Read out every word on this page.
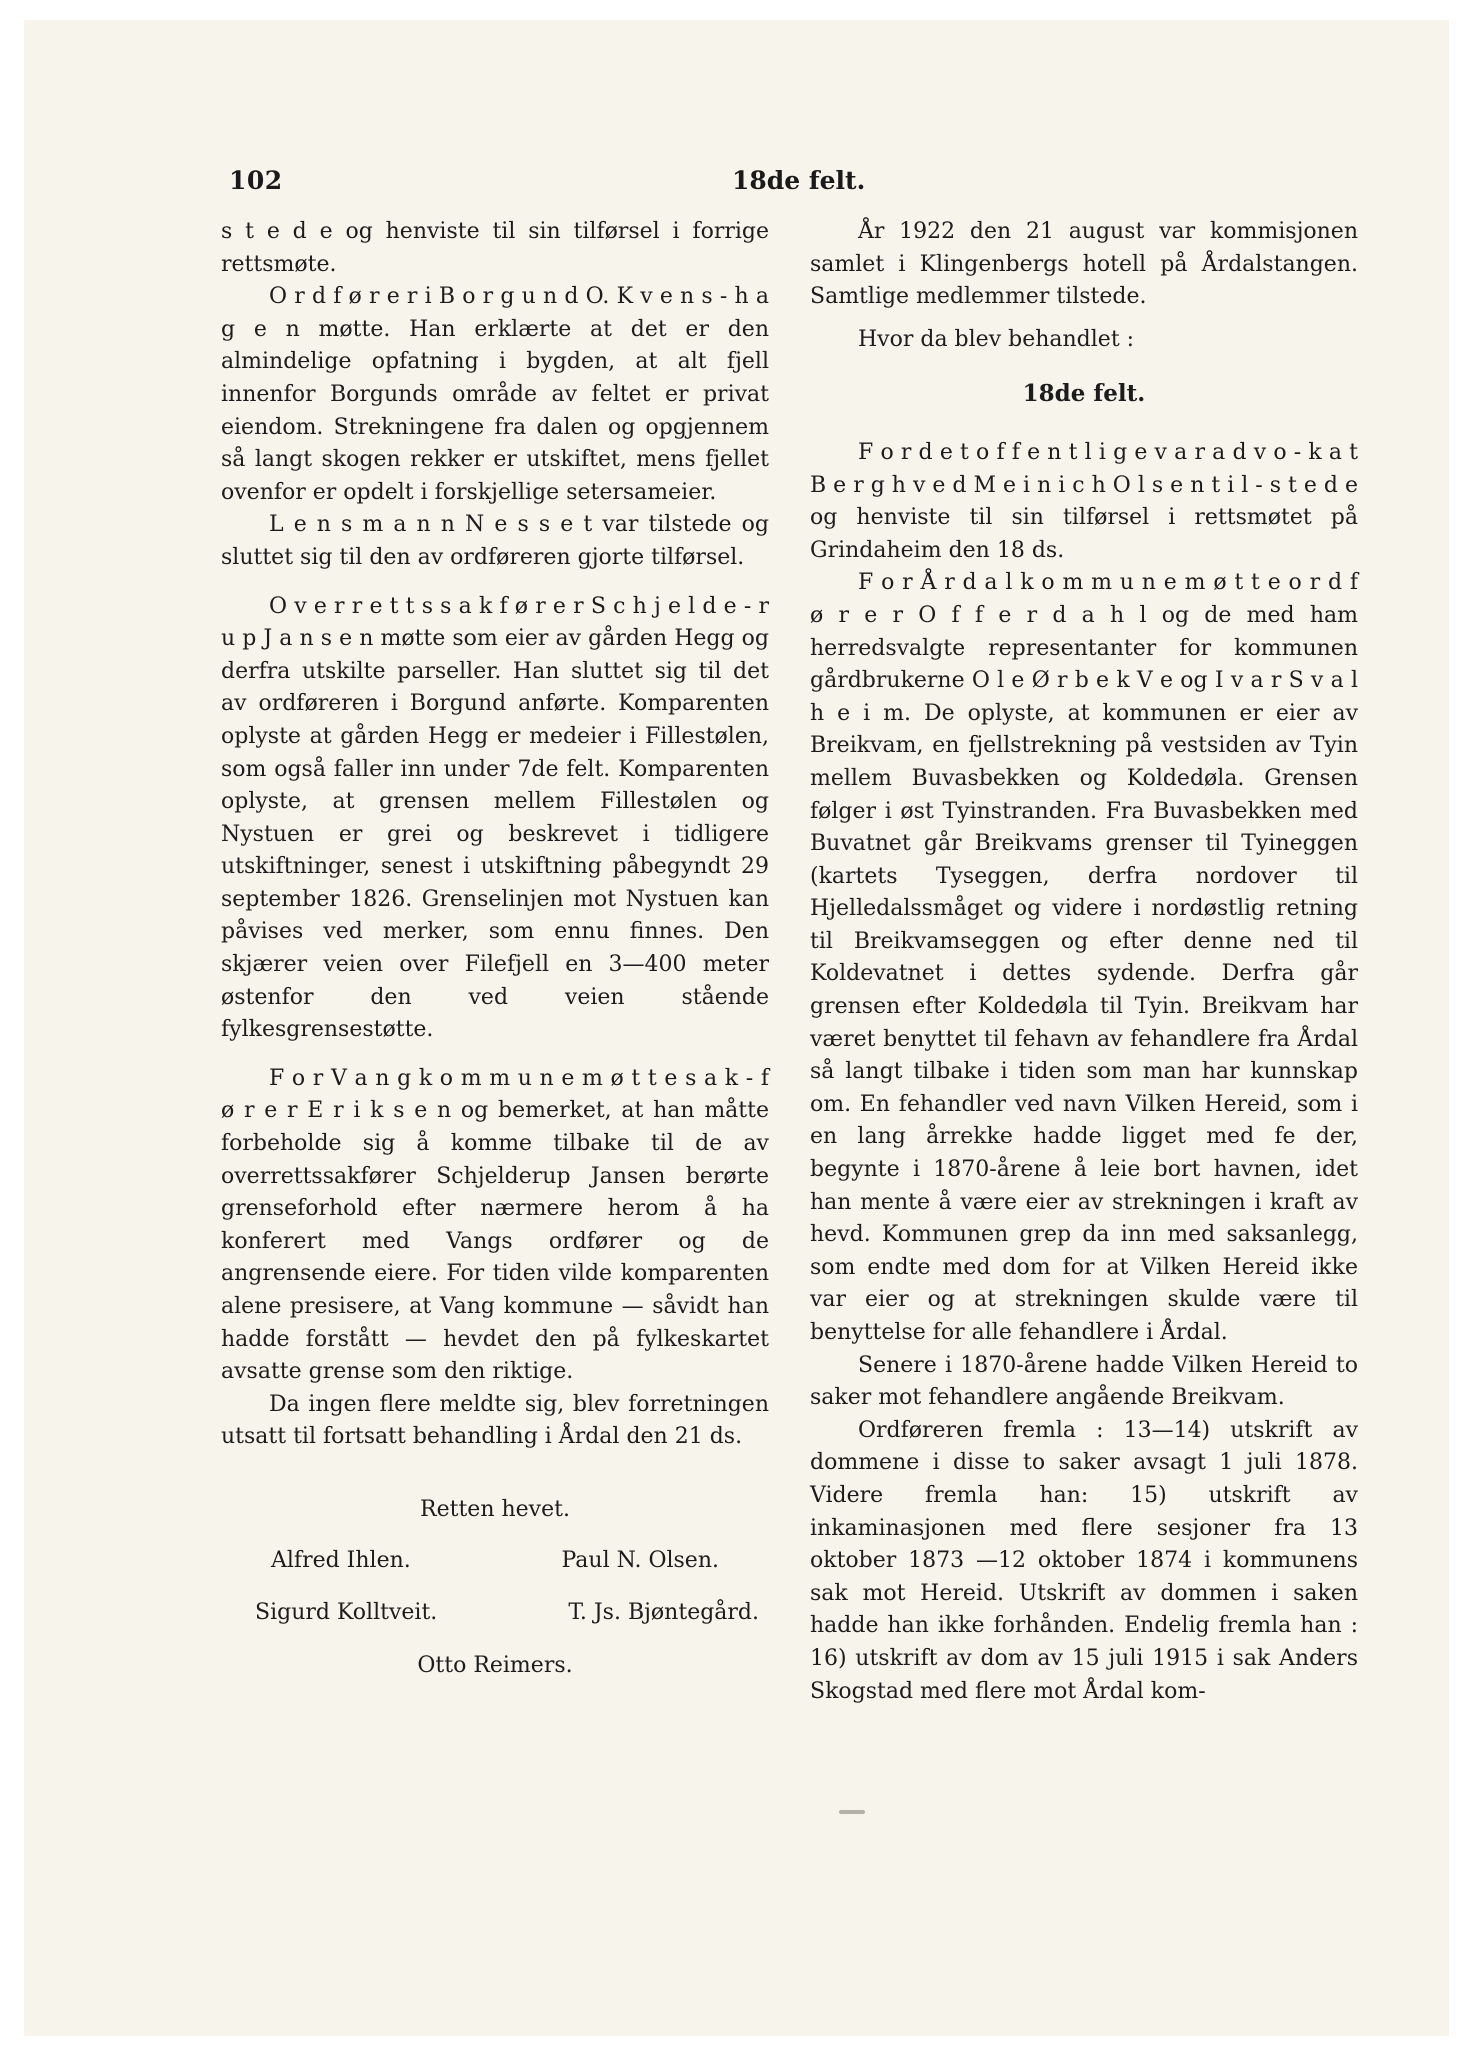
102	18de felt.

s t e d e og henviste til sin tilførsel i forrige rettsmøte.

O r d f ø r e r i B o r g u n d O. K v e n s - h a g e n møtte. Han erklærte at det er den almindelige opfatning i bygden, at alt fjell innenfor Borgunds område av feltet er privat eiendom. Strekningene fra dalen og opgjennem så langt skogen rekker er utskiftet, mens fjellet ovenfor er opdelt i forskjellige setersameier.

L e n s m a n n N e s s e t var tilstede og sluttet sig til den av ordføreren gjorte tilførsel.

O v e r r e t t s s a k f ø r e r S c h j e l d e - r u p J a n s e n møtte som eier av gården Hegg og derfra utskilte parseller. Han sluttet sig til det av ordføreren i Borgund anførte. Komparenten oplyste at gården Hegg er medeier i Fillestølen, som også faller inn under 7de felt. Komparenten oplyste, at grensen mellem Fillestølen og Nystuen er grei og beskrevet i tidligere utskiftninger, senest i utskiftning påbegyndt 29 september 1826. Grenselinjen mot Nystuen kan påvises ved merker, som ennu finnes. Den skjærer veien over Filefjell en 3—400 meter østenfor den ved veien stående fylkesgrensestøtte.

F o r V a n g k o m m u n e m ø t t e s a k - f ø r e r E r i k s e n og bemerket, at han måtte forbeholde sig å komme tilbake til de av overrettssakfører Schjelderup Jansen berørte grenseforhold efter nærmere herom å ha konferert med Vangs ordfører og de angrensende eiere. For tiden vilde komparenten alene presisere, at Vang kommune — såvidt han hadde forstått — hevdet den på fylkeskartet avsatte grense som den riktige.

Da ingen flere meldte sig, blev forretningen utsatt til fortsatt behandling i Årdal den 21 ds.

Retten hevet.

Alfred Ihlen.	Paul N. Olsen.
Sigurd Kolltveit.	T. Js. Bjøntegård.

Otto Reimers.

År 1922 den 21 august var kommisjonen samlet i Klingenbergs hotell på Årdalstangen. Samtlige medlemmer tilstede.

Hvor da blev behandlet :

18de felt.

F o r d e t o f f e n t l i g e v a r a d v o - k a t B e r g h v e d M e i n i c h O l s e n t i l - s t e d e og henviste til sin tilførsel i rettsmøtet på Grindaheim den 18 ds.

F o r Å r d a l k o m m u n e m ø t t e o r d f ø r e r O f f e r d a h l og de med ham herredsvalgte representanter for kommunen gårdbrukerne O l e Ø r b e k V e og I v a r S v a l h e i m. De oplyste, at kommunen er eier av Breikvam, en fjellstrekning på vestsiden av Tyin mellem Buvasbekken og Koldedøla. Grensen følger i øst Tyinstranden. Fra Buvasbekken med Buvatnet går Breikvams grenser til Tyineggen (kartets Tyseggen, derfra nordover til Hjelledalssmåget og videre i nordøstlig retning til Breikvamseggen og efter denne ned til Koldevatnet i dettes sydende. Derfra går grensen efter Koldedøla til Tyin. Breikvam har været benyttet til fehavn av fehandlere fra Årdal så langt tilbake i tiden som man har kunnskap om. En fehandler ved navn Vilken Hereid, som i en lang årrekke hadde ligget med fe der, begynte i 1870-årene å leie bort havnen, idet han mente å være eier av strekningen i kraft av hevd. Kommunen grep da inn med saksanlegg, som endte med dom for at Vilken Hereid ikke var eier og at strekningen skulde være til benyttelse for alle fehandlere i Årdal.

Senere i 1870-årene hadde Vilken Hereid to saker mot fehandlere angående Breikvam.

Ordføreren fremla : 13—14) utskrift av dommene i disse to saker avsagt 1 juli 1878. Videre fremla han: 15) utskrift av inkaminasjonen med flere sesjoner fra 13 oktober 1873 —12 oktober 1874 i kommunens sak mot Hereid. Utskrift av dommen i saken hadde han ikke forhånden. Endelig fremla han : 16) utskrift av dom av 15 juli 1915 i sak Anders Skogstad med flere mot Årdal kom-
